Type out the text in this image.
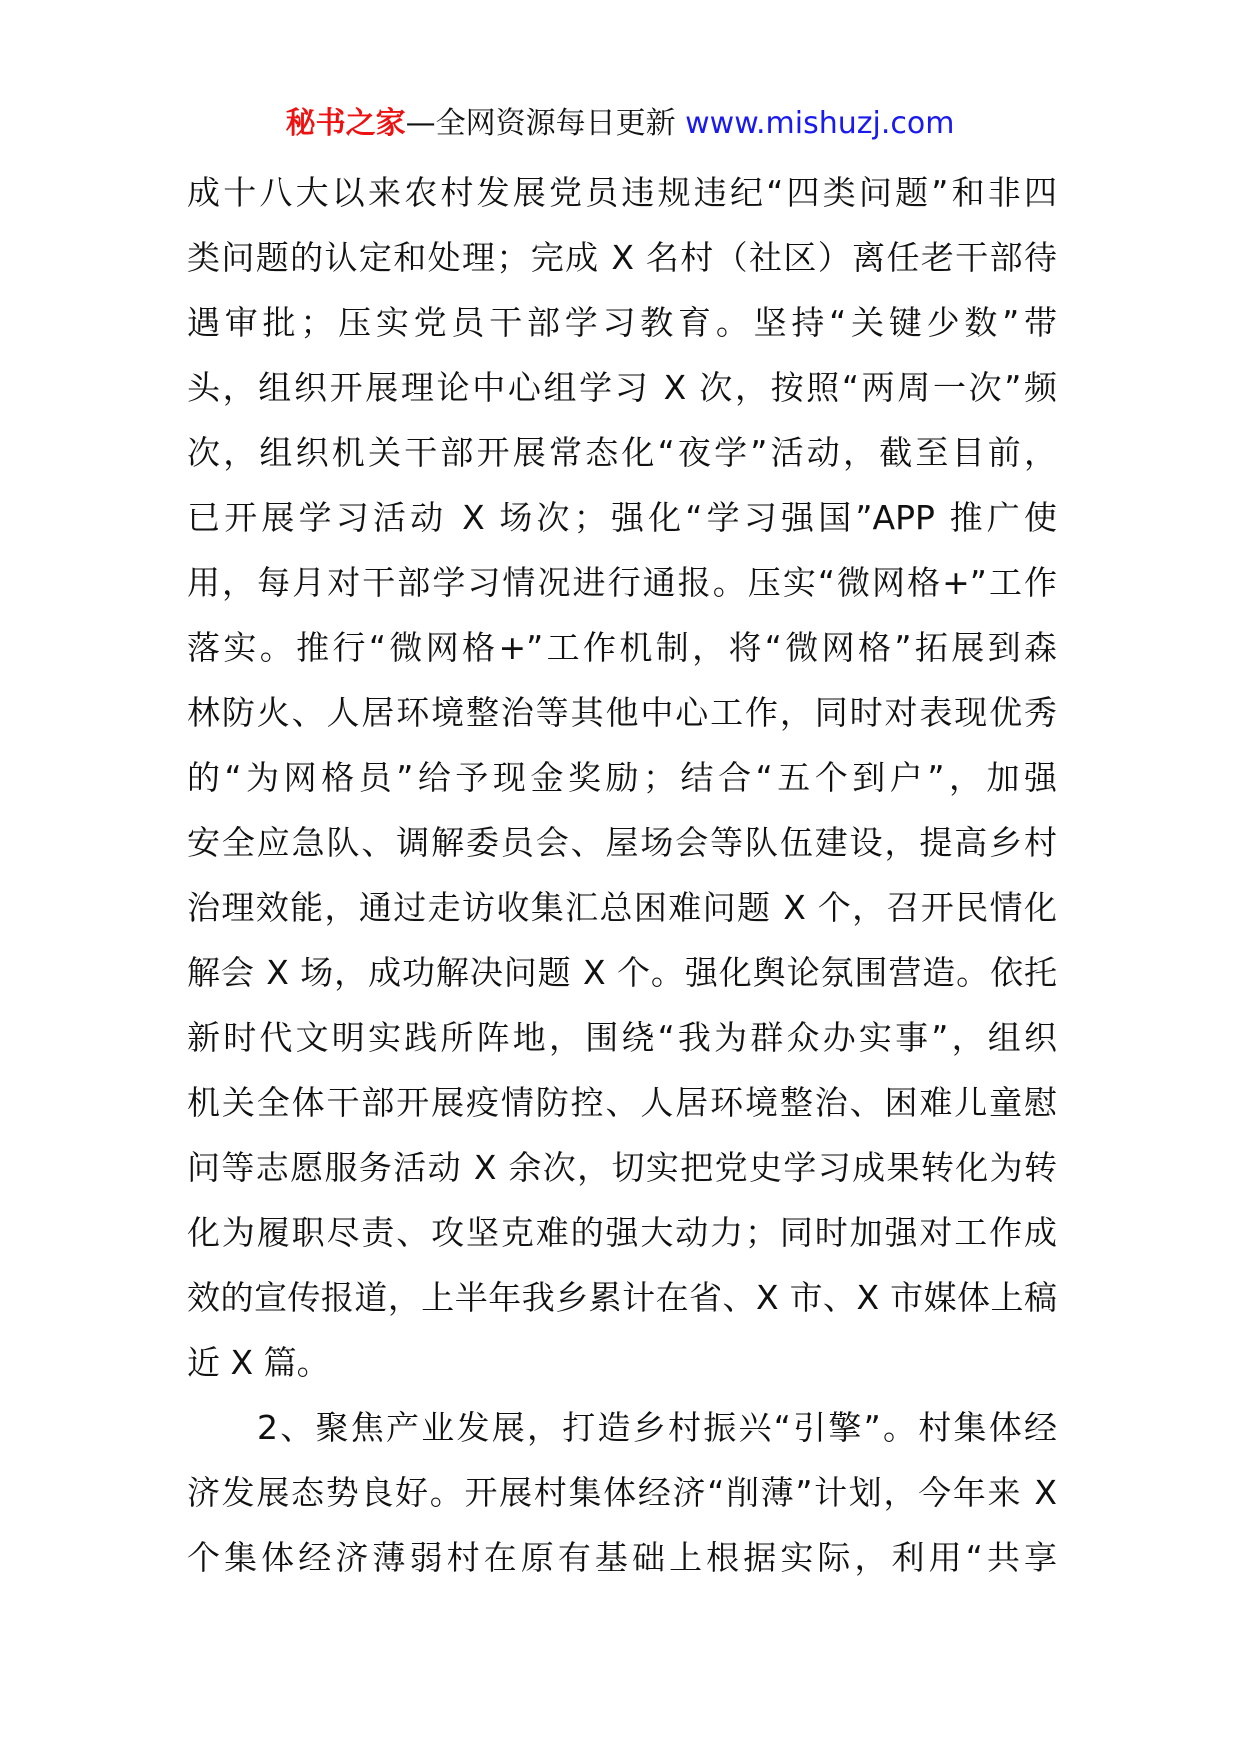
秘书之家—全网资源每日更新 www.mishuzj.com
成十八大以来农村发展党员违规违纪“四类问题”和非四
类问题的认定和处理；完成 X 名村（社区）离任老干部待
遇审批；压实党员干部学习教育。坚持“关键少数”带
头，组织开展理论中心组学习 X 次，按照“两周一次”频
次，组织机关干部开展常态化“夜学”活动，截至目前，
已开展学习活动 X 场次；强化“学习强国”APP 推广使
用，每月对干部学习情况进行通报。压实“微网格+”工作
落实。推行“微网格+”工作机制，将“微网格”拓展到森
林防火、人居环境整治等其他中心工作，同时对表现优秀
的“为网格员”给予现金奖励；结合“五个到户”，加强
安全应急队、调解委员会、屋场会等队伍建设，提高乡村
治理效能，通过走访收集汇总困难问题 X 个，召开民情化
解会 X 场，成功解决问题 X 个。强化舆论氛围营造。依托
新时代文明实践所阵地，围绕“我为群众办实事”，组织
机关全体干部开展疫情防控、人居环境整治、困难儿童慰
问等志愿服务活动 X 余次，切实把党史学习成果转化为转
化为履职尽责、攻坚克难的强大动力；同时加强对工作成
效的宣传报道，上半年我乡累计在省、X 市、X 市媒体上稿
近 X 篇。
2、聚焦产业发展，打造乡村振兴“引擎”。村集体经
济发展态势良好。开展村集体经济“削薄”计划，今年来 X
个集体经济薄弱村在原有基础上根据实际，利用“共享
